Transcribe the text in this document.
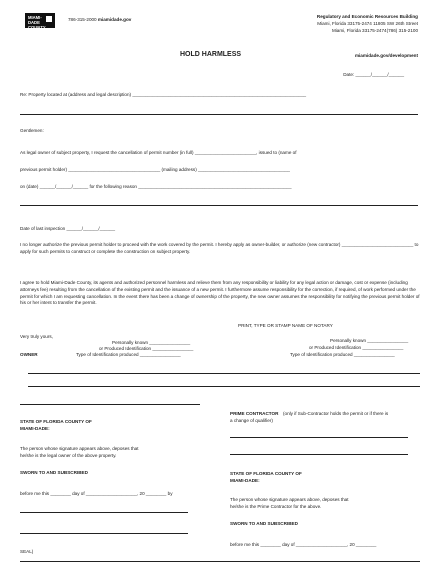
MIAMI-DADE
COUNTY
786-315-2000 miamidade.gov
Regulatory and Economic Resources Building
Miami, Florida 33175-2474 11805 SW 26th Street
Miami, Florida 33175-2474(786) 315-2100
HOLD HARMLESS	miamidade.gov/development
Date: ______/______/______
Re: Property located at (address and legal description) ____________________________________________________________________
Gentlemen:
As legal owner of subject property, I request the cancellation of permit number (in full) ________________________, issued to (name of
previous permit holder) ____________________________________ (mailing address) ____________________________________
on (date) ______/______/______ for the following reason ____________________________________________________________
Date of last inspection ______/______/______
I no longer authorize the previous permit holder to proceed with the work covered by the permit. I hereby apply as owner-builder, or authorize (new contractor) ____________________________ to apply for such permits to construct or complete the construction on subject property.
I agree to hold Miami-Dade County, its agents and authorized personnel harmless and relieve them from any responsibility or liability for any legal action or damage, cost or expense (including attorneys fee) resulting from the cancellation of the existing permit and the issuance of a new permit. I furthermore assume responsibility for the correction, if required, of work performed under the permit for which I am requesting cancellation. In the event there has been a change of ownership of the property, the new owner assumes the responsibility for notifying the previous permit holder of his or her intent to transfer the permit.
PRINT, TYPE OR STAMP NAME OF NOTARY
Very truly yours,
Personally known ________________
or Produced Identification ________________
Type of Identification produced ________________
OWNER
Personally known ________________
or Produced Identification ________________
Type of Identification produced ________________
STATE OF FLORIDA COUNTY OF
MIAMI-DADE:
The person whose signature appears above, deposes that
he/she is the legal owner of the above property.
SWORN TO AND SUBSCRIBED
before me this ________ day of ____________________, 20 ________ by
SEAL)
PRIME CONTRACTOR (only if Sub-Contractor holds the permit or if there is
a change of qualifier)
STATE OF FLORIDA COUNTY OF
MIAMI-DADE:
The person whose signature appears above, deposes that
he/she is the Prime Contractor for the above.
SWORN TO AND SUBSCRIBED
before me this ________ day of ____________________, 20 ________
